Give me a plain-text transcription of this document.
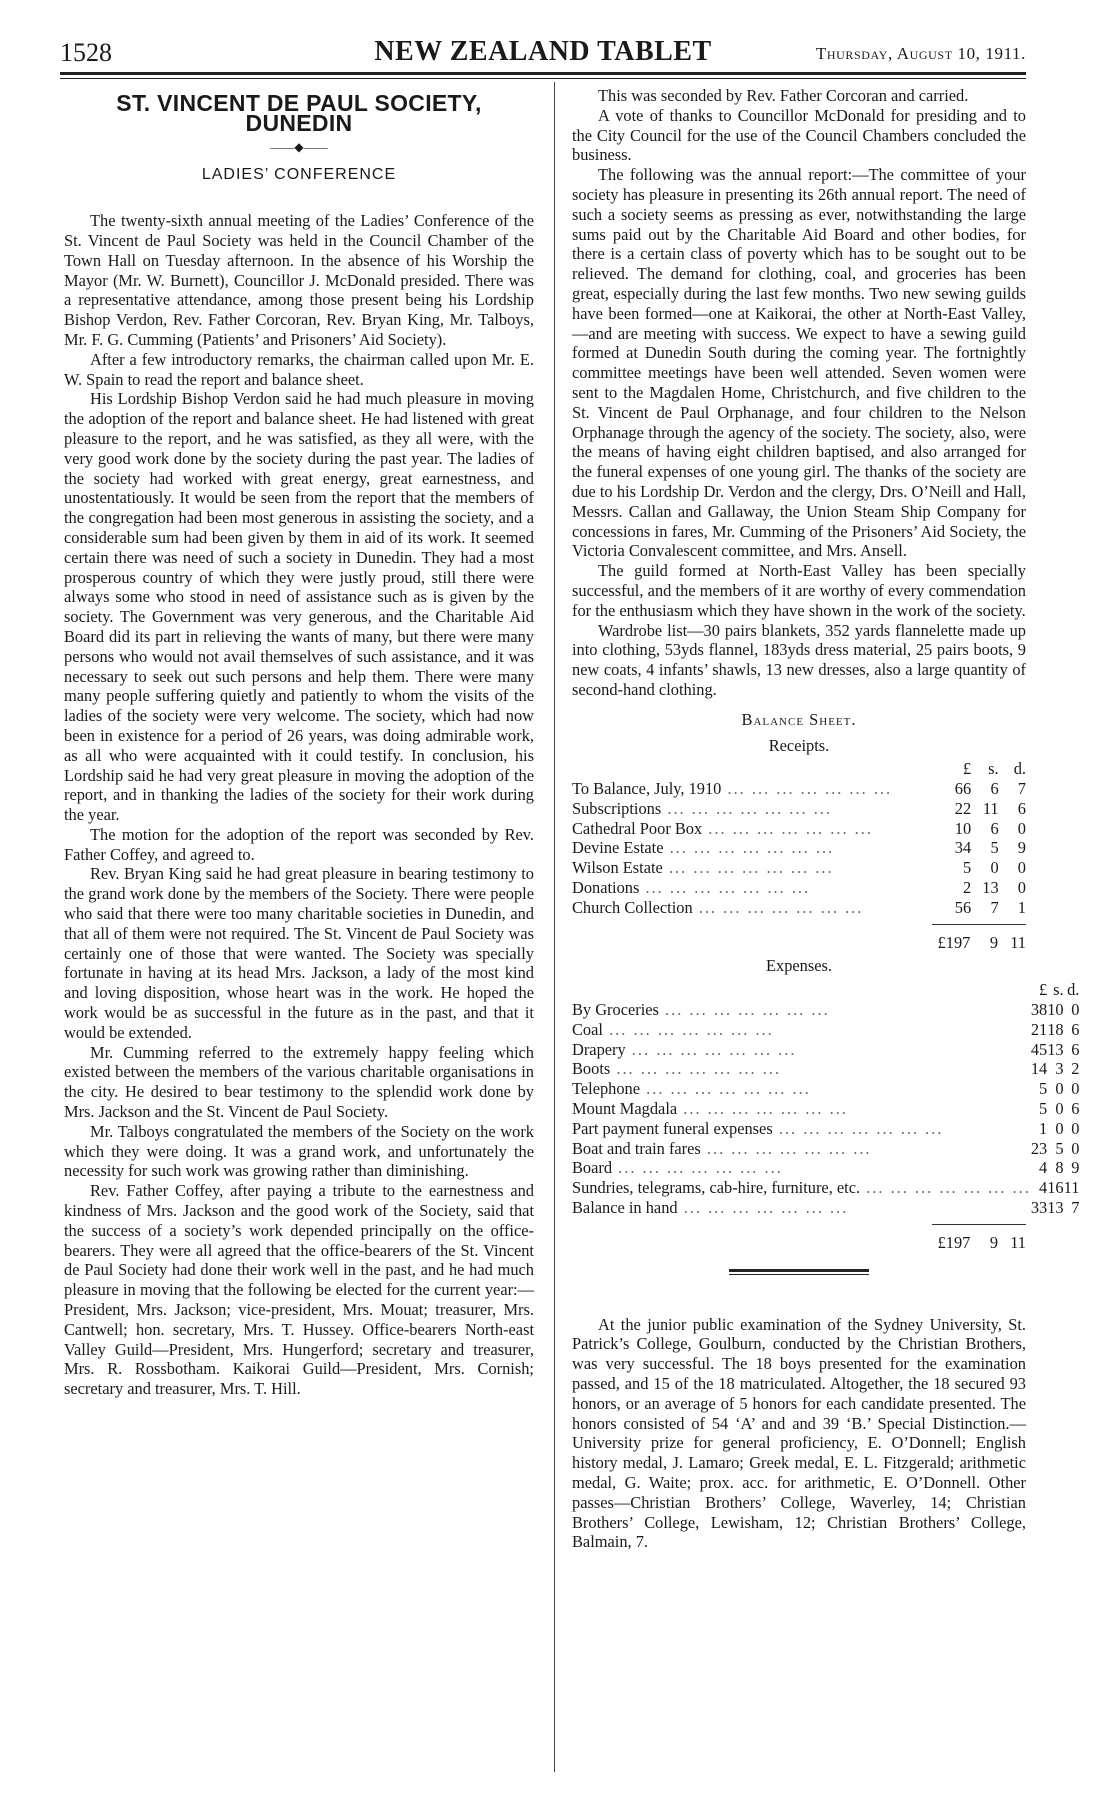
1528	NEW ZEALAND TABLET	Thursday, August 10, 1911.
ST. VINCENT DE PAUL SOCIETY, DUNEDIN
——◆——
LADIES’ CONFERENCE

The twenty-sixth annual meeting of the Ladies’ Conference of the St. Vincent de Paul Society was held in the Council Chamber of the Town Hall on Tuesday afternoon. In the absence of his Worship the Mayor (Mr. W. Burnett), Councillor J. McDonald presided. There was a representative attendance, among those present being his Lordship Bishop Verdon, Rev. Father Corcoran, Rev. Bryan King, Mr. Talboys, Mr. F. G. Cumming (Patients’ and Prisoners’ Aid Society).

After a few introductory remarks, the chairman called upon Mr. E. W. Spain to read the report and balance sheet.

His Lordship Bishop Verdon said he had much pleasure in moving the adoption of the report and balance sheet. He had listened with great pleasure to the report, and he was satisfied, as they all were, with the very good work done by the society during the past year. The ladies of the society had worked with great energy, great earnestness, and unostentatiously. It would be seen from the report that the members of the congregation had been most generous in assisting the society, and a considerable sum had been given by them in aid of its work. It seemed certain there was need of such a society in Dunedin. They had a most prosperous country of which they were justly proud, still there were always some who stood in need of assistance such as is given by the society. The Government was very generous, and the Charitable Aid Board did its part in relieving the wants of many, but there were many persons who would not avail themselves of such assistance, and it was necessary to seek out such persons and help them. There were many many people suffering quietly and patiently to whom the visits of the ladies of the society were very welcome. The society, which had now been in existence for a period of 26 years, was doing admirable work, as all who were acquainted with it could testify. In conclusion, his Lordship said he had very great pleasure in moving the adoption of the report, and in thanking the ladies of the society for their work during the year.

The motion for the adoption of the report was seconded by Rev. Father Coffey, and agreed to.

Rev. Bryan King said he had great pleasure in bearing testimony to the grand work done by the members of the Society. There were people who said that there were too many charitable societies in Dunedin, and that all of them were not required. The St. Vincent de Paul Society was certainly one of those that were wanted. The Society was specially fortunate in having at its head Mrs. Jackson, a lady of the most kind and loving disposition, whose heart was in the work. He hoped the work would be as successful in the future as in the past, and that it would be extended.

Mr. Cumming referred to the extremely happy feeling which existed between the members of the various charitable organisations in the city. He desired to bear testimony to the splendid work done by Mrs. Jackson and the St. Vincent de Paul Society.

Mr. Talboys congratulated the members of the Society on the work which they were doing. It was a grand work, and unfortunately the necessity for such work was growing rather than diminishing.

Rev. Father Coffey, after paying a tribute to the earnestness and kindness of Mrs. Jackson and the good work of the Society, said that the success of a society’s work depended principally on the office-bearers. They were all agreed that the office-bearers of the St. Vincent de Paul Society had done their work well in the past, and he had much pleasure in moving that the following be elected for the current year:—President, Mrs. Jackson; vice-president, Mrs. Mouat; treasurer, Mrs. Cantwell; hon. secretary, Mrs. T. Hussey. Office-bearers North-east Valley Guild—President, Mrs. Hungerford; secretary and treasurer, Mrs. R. Rossbotham. Kaikorai Guild—President, Mrs. Cornish; secretary and treasurer, Mrs. T. Hill.

This was seconded by Rev. Father Corcoran and carried.

A vote of thanks to Councillor McDonald for presiding and to the City Council for the use of the Council Chambers concluded the business.

The following was the annual report:—The committee of your society has pleasure in presenting its 26th annual report. The need of such a society seems as pressing as ever, notwithstanding the large sums paid out by the Charitable Aid Board and other bodies, for there is a certain class of poverty which has to be sought out to be relieved. The demand for clothing, coal, and groceries has been great, especially during the last few months. Two new sewing guilds have been formed—one at Kaikorai, the other at North-East Valley,—and are meeting with success. We expect to have a sewing guild formed at Dunedin South during the coming year. The fortnightly committee meetings have been well attended. Seven women were sent to the Magdalen Home, Christchurch, and five children to the St. Vincent de Paul Orphanage, and four children to the Nelson Orphanage through the agency of the society. The society, also, were the means of having eight children baptised, and also arranged for the funeral expenses of one young girl. The thanks of the society are due to his Lordship Dr. Verdon and the clergy, Drs. O’Neill and Hall, Messrs. Callan and Gallaway, the Union Steam Ship Company for concessions in fares, Mr. Cumming of the Prisoners’ Aid Society, the Victoria Convalescent committee, and Mrs. Ansell.

The guild formed at North-East Valley has been specially successful, and the members of it are worthy of every commendation for the enthusiasm which they have shown in the work of the society.

Wardrobe list—30 pairs blankets, 352 yards flannelette made up into clothing, 53yds flannel, 183yds dress material, 25 pairs boots, 9 new coats, 4 infants’ shawls, 13 new dresses, also a large quantity of second-hand clothing.

Balance Sheet.
Receipts.
	£	s.	d.
To Balance, July, 1910 ... ... ... ... ... ... ...	66	6	7
Subscriptions ... ... ... ... ... ... ...	22	11	6
Cathedral Poor Box ... ... ... ... ... ... ...	10	6	0
Devine Estate ... ... ... ... ... ... ...	34	5	9
Wilson Estate ... ... ... ... ... ... ...	5	0	0
Donations ... ... ... ... ... ... ...	2	13	0
Church Collection ... ... ... ... ... ... ...	56	7	1
	£197	9	11
Expenses.
	£	s.	d.
By Groceries ... ... ... ... ... ... ...	38	10	0
Coal ... ... ... ... ... ... ...	21	18	6
Drapery ... ... ... ... ... ... ...	45	13	6
Boots ... ... ... ... ... ... ...	14	3	2
Telephone ... ... ... ... ... ... ...	5	0	0
Mount Magdala ... ... ... ... ... ... ...	5	0	6
Part payment funeral expenses ... ... ... ... ... ... ...	1	0	0
Boat and train fares ... ... ... ... ... ... ...	23	5	0
Board ... ... ... ... ... ... ...	4	8	9
Sundries, telegrams, cab-hire, furniture, etc. ... ... ... ... ... ... ...	4	16	11
Balance in hand ... ... ... ... ... ... ...	33	13	7
	£197	9	11

At the junior public examination of the Sydney University, St. Patrick’s College, Goulburn, conducted by the Christian Brothers, was very successful. The 18 boys presented for the examination passed, and 15 of the 18 matriculated. Altogether, the 18 secured 93 honors, or an average of 5 honors for each candidate presented. The honors consisted of 54 ‘A’ and and 39 ‘B.’ Special Distinction.—University prize for general proficiency, E. O’Donnell; English history medal, J. Lamaro; Greek medal, E. L. Fitzgerald; arithmetic medal, G. Waite; prox. acc. for arithmetic, E. O’Donnell. Other passes—Christian Brothers’ College, Waverley, 14; Christian Brothers’ College, Lewisham, 12; Christian Brothers’ College, Balmain, 7.
